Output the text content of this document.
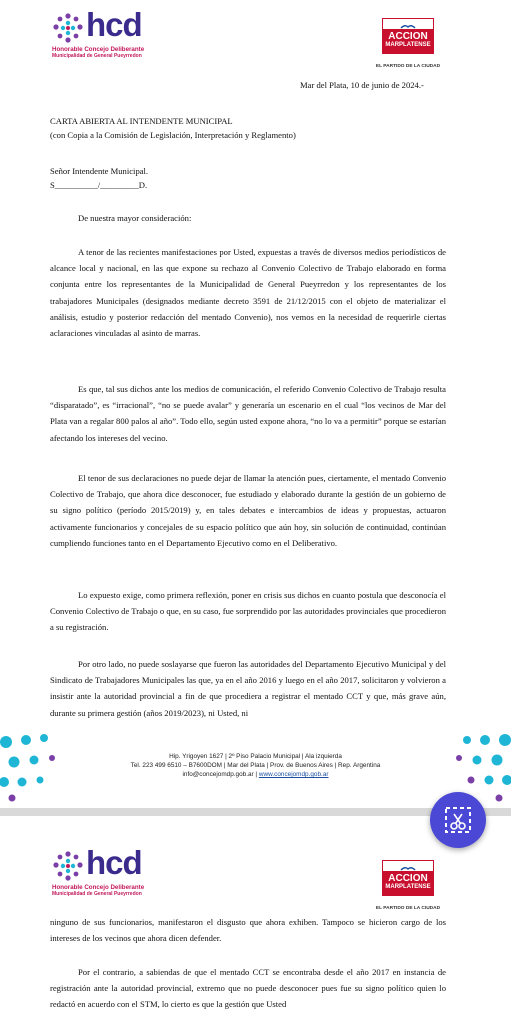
hcd
Honorable Concejo Deliberante
Municipalidad de General Pueyrredon
ACCION
MARPLATENSE
EL PARTIDO DE LA CIUDAD
Mar del Plata, 10 de junio de 2024.-
CARTA ABIERTA AL INTENDENTE MUNICIPAL
(con Copia a la Comisión de Legislación, Interpretación y Reglamento)
Señor Intendente Municipal.
S__________/_________D.
De nuestra mayor consideración:
A tenor de las recientes manifestaciones por Usted, expuestas a través de diversos medios periodísticos de alcance local y nacional, en las que expone su rechazo al Convenio Colectivo de Trabajo elaborado en forma conjunta entre los representantes de la Municipalidad de General Pueyrredon y los representantes de los trabajadores Municipales (designados mediante decreto 3591 de 21/12/2015 con el objeto de materializar el análisis, estudio y posterior redacción del mentado Convenio), nos vemos en la necesidad de requerirle ciertas aclaraciones vinculadas al asinto de marras.
Es que, tal sus dichos ante los medios de comunicación, el referido Convenio Colectivo de Trabajo resulta “disparatado”, es “irracional”, “no se puede avalar” y generaría un escenario en el cual “los vecinos de Mar del Plata van a regalar 800 palos al año”. Todo ello, según usted expone ahora, “no lo va a permitir” porque se estarían afectando los intereses del vecino.
El tenor de sus declaraciones no puede dejar de llamar la atención pues, ciertamente, el mentado Convenio Colectivo de Trabajo, que ahora dice desconocer, fue estudiado y elaborado durante la gestión de un gobierno de su signo político (período 2015/2019) y, en tales debates e intercambios de ideas y propuestas, actuaron activamente funcionarios y concejales de su espacio político que aún hoy, sin solución de continuidad, continúan cumpliendo funciones tanto en el Departamento Ejecutivo como en el Deliberativo.
Lo expuesto exige, como primera reflexión, poner en crisis sus dichos en cuanto postula que desconocía el Convenio Colectivo de Trabajo o que, en su caso, fue sorprendido por las autoridades provinciales que procedieron a su registración.
Por otro lado, no puede soslayarse que fueron las autoridades del Departamento Ejecutivo Municipal y del Sindicato de Trabajadores Municipales las que, ya en el año 2016 y luego en el año 2017, solicitaron y volvieron a insistir ante la autoridad provincial a fin de que procediera a registrar el mentado CCT y que, más grave aún, durante su primera gestión (años 2019/2023), ni Usted, ni
Hip. Yrigoyen 1627 | 2º Piso Palacio Municipal | Ala izquierda
Tel. 223 499 6510 – B7600DOM | Mar del Plata | Prov. de Buenos Aires | Rep. Argentina
info@concejomdp.gob.ar | www.concejomdp.gob.ar
hcd
Honorable Concejo Deliberante
Municipalidad de General Pueyrredon
ACCION
MARPLATENSE
EL PARTIDO DE LA CIUDAD
ninguno de sus funcionarios, manifestaron el disgusto que ahora exhiben. Tampoco se hicieron cargo de los intereses de los vecinos que ahora dicen defender.
Por el contrario, a sabiendas de que el mentado CCT se encontraba desde el año 2017 en instancia de registración ante la autoridad provincial, extremo que no puede desconocer pues fue su signo político quien lo redactó en acuerdo con el STM, lo cierto es que la gestión que Usted
